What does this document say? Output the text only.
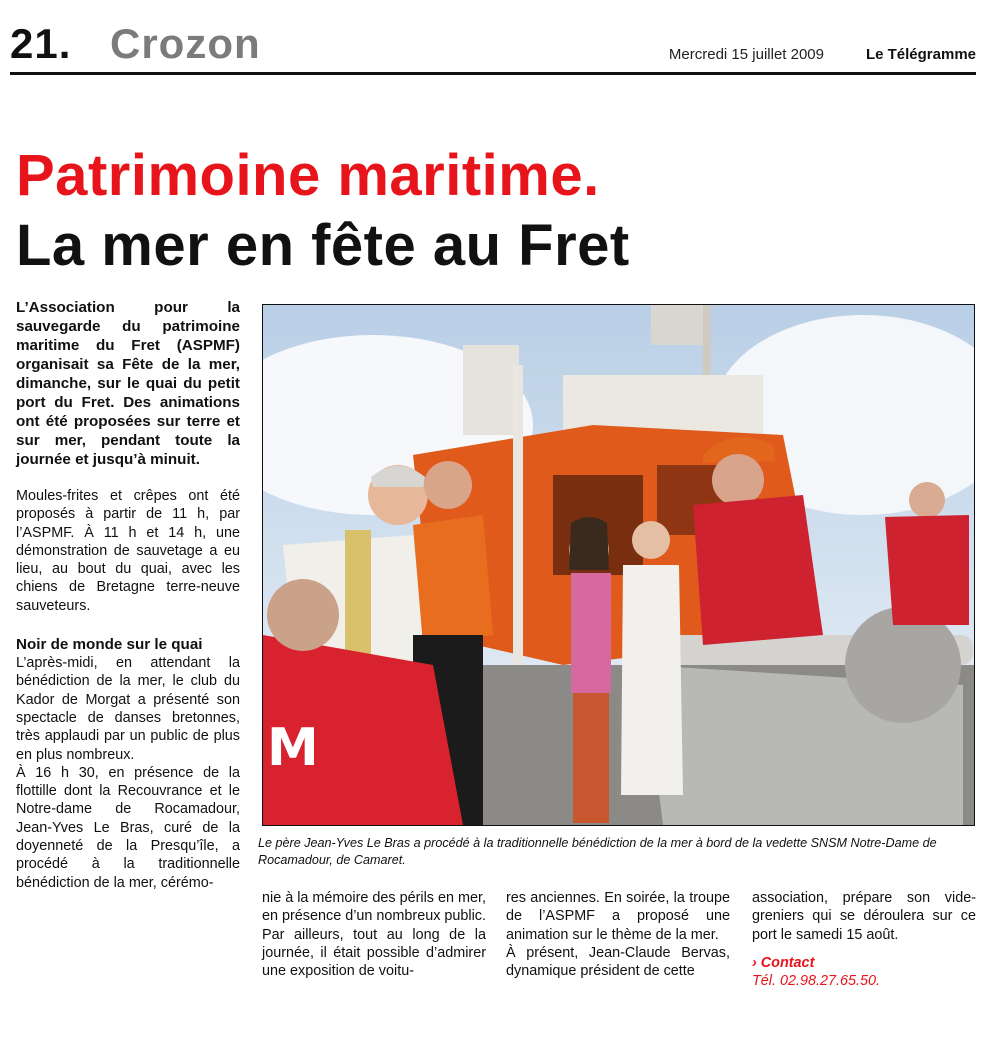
21. Crozon	Mercredi 15 juillet 2009	Le Télégramme
Patrimoine maritime.
La mer en fête au Fret

L’Association pour la sauvegarde du patrimoine maritime du Fret (ASPMF) organisait sa Fête de la mer, dimanche, sur le quai du petit port du Fret. Des animations ont été proposées sur terre et sur mer, pendant toute la journée et jusqu’à minuit.

Moules-frites et crêpes ont été proposés à partir de 11 h, par l’ASPMF. À 11 h et 14 h, une démonstration de sauvetage a eu lieu, au bout du quai, avec les chiens de Bretagne terre-neuve sauveteurs.

Noir de monde sur le quai

L’après-midi, en attendant la bénédiction de la mer, le club du Kador de Morgat a présenté son spectacle de danses bretonnes, très applaudi par un public de plus en plus nombreux.

À 16 h 30, en présence de la flottille dont la Recouvrance et le Notre-dame de Rocamadour, Jean-Yves Le Bras, curé de la doyenneté de la Presqu’île, a procédé à la traditionnelle bénédiction de la mer, cérémo-

M
Le père Jean-Yves Le Bras a procédé à la traditionnelle bénédiction de la mer à bord de la vedette SNSM Notre-Dame de Rocamadour, de Camaret.

nie à la mémoire des périls en mer, en présence d’un nombreux public.

Par ailleurs, tout au long de la journée, il était possible d’admirer une exposition de voitu-

res anciennes. En soirée, la troupe de l’ASPMF a proposé une animation sur le thème de la mer.

À présent, Jean-Claude Bervas, dynamique président de cette

association, prépare son vide-greniers qui se déroulera sur ce port le samedi 15 août.

› Contact

Tél. 02.98.27.65.50.
